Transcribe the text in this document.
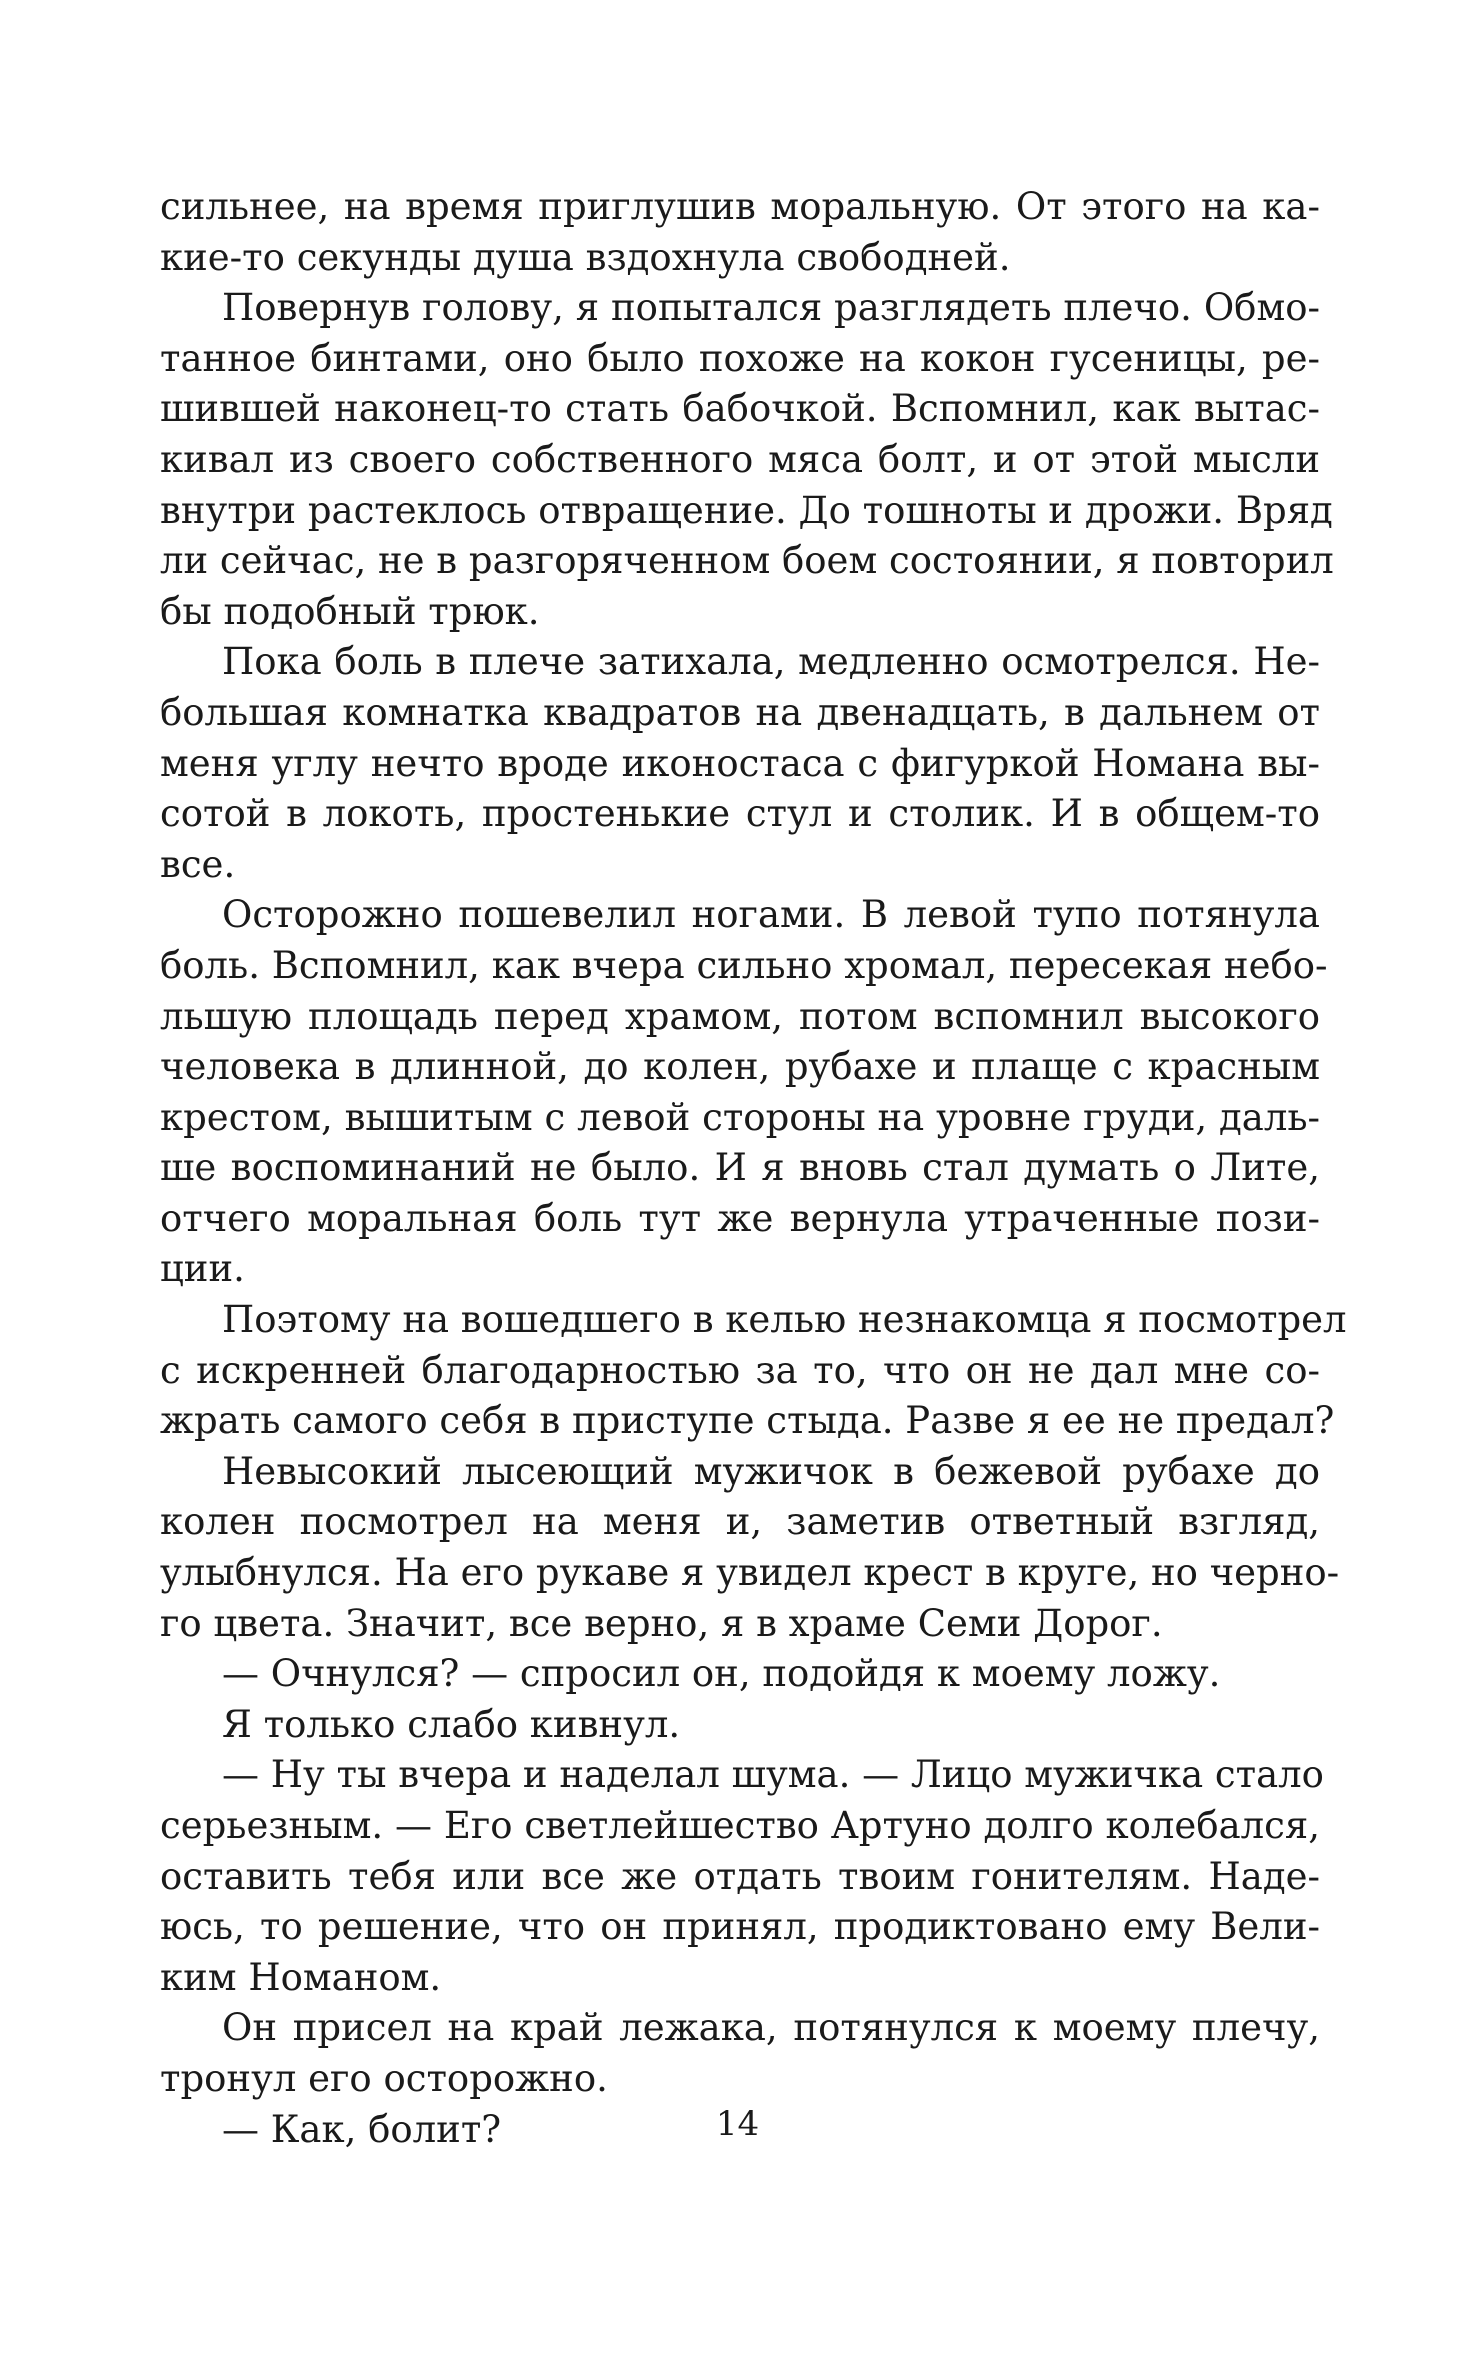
сильнее, на время приглушив моральную. От этого на ка-
кие-то секунды душа вздохнула свободней.
Повернув голову, я попытался разглядеть плечо. Обмо-
танное бинтами, оно было похоже на кокон гусеницы, ре-
шившей наконец-то стать бабочкой. Вспомнил, как вытас-
кивал из своего собственного мяса болт, и от этой мысли
внутри растеклось отвращение. До тошноты и дрожи. Вряд
ли сейчас, не в разгоряченном боем состоянии, я повторил
бы подобный трюк.
Пока боль в плече затихала, медленно осмотрелся. Не-
большая комнатка квадратов на двенадцать, в дальнем от
меня углу нечто вроде иконостаса с фигуркой Номана вы-
сотой в локоть, простенькие стул и столик. И в общем-то
все.
Осторожно пошевелил ногами. В левой тупо потянула
боль. Вспомнил, как вчера сильно хромал, пересекая небо-
льшую площадь перед храмом, потом вспомнил высокого
человека в длинной, до колен, рубахе и плаще с красным
крестом, вышитым с левой стороны на уровне груди, даль-
ше воспоминаний не было. И я вновь стал думать о Лите,
отчего моральная боль тут же вернула утраченные пози-
ции.
Поэтому на вошедшего в келью незнакомца я посмотрел
с искренней благодарностью за то, что он не дал мне со-
жрать самого себя в приступе стыда. Разве я ее не предал?
Невысокий лысеющий мужичок в бежевой рубахе до
колен посмотрел на меня и, заметив ответный взгляд,
улыбнулся. На его рукаве я увидел крест в круге, но черно-
го цвета. Значит, все верно, я в храме Семи Дорог.
— Очнулся? — спросил он, подойдя к моему ложу.
Я только слабо кивнул.
— Ну ты вчера и наделал шума. — Лицо мужичка стало
серьезным. — Его светлейшество Артуно долго колебался,
оставить тебя или все же отдать твоим гонителям. Наде-
юсь, то решение, что он принял, продиктовано ему Вели-
ким Номаном.
Он присел на край лежака, потянулся к моему плечу,
тронул его осторожно.
— Как, болит?	14
